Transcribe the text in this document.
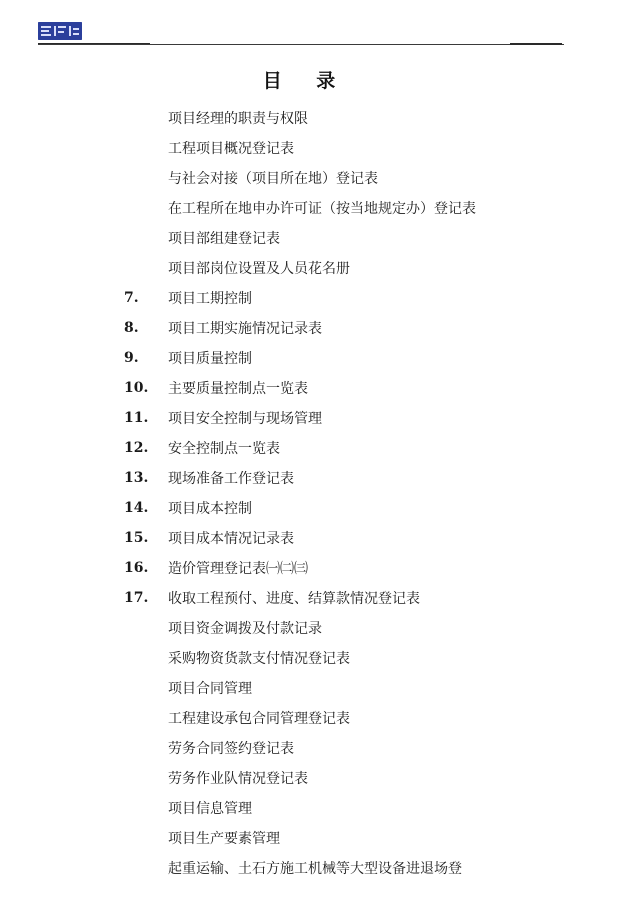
目 录
项目经理的职责与权限
工程项目概况登记表
与社会对接（项目所在地）登记表
在工程所在地申办许可证（按当地规定办）登记表
项目部组建登记表
项目部岗位设置及人员花名册
7.	项目工期控制
8.	项目工期实施情况记录表
9.	项目质量控制
10.	主要质量控制点一览表
11.	项目安全控制与现场管理
12.	安全控制点一览表
13.	现场准备工作登记表
14.	项目成本控制
15.	项目成本情况记录表
16.	造价管理登记表㈠㈡㈢
17.	收取工程预付、进度、结算款情况登记表
项目资金调拨及付款记录
采购物资货款支付情况登记表
项目合同管理
工程建设承包合同管理登记表
劳务合同签约登记表
劳务作业队情况登记表
项目信息管理
项目生产要素管理
起重运输、土石方施工机械等大型设备进退场登
